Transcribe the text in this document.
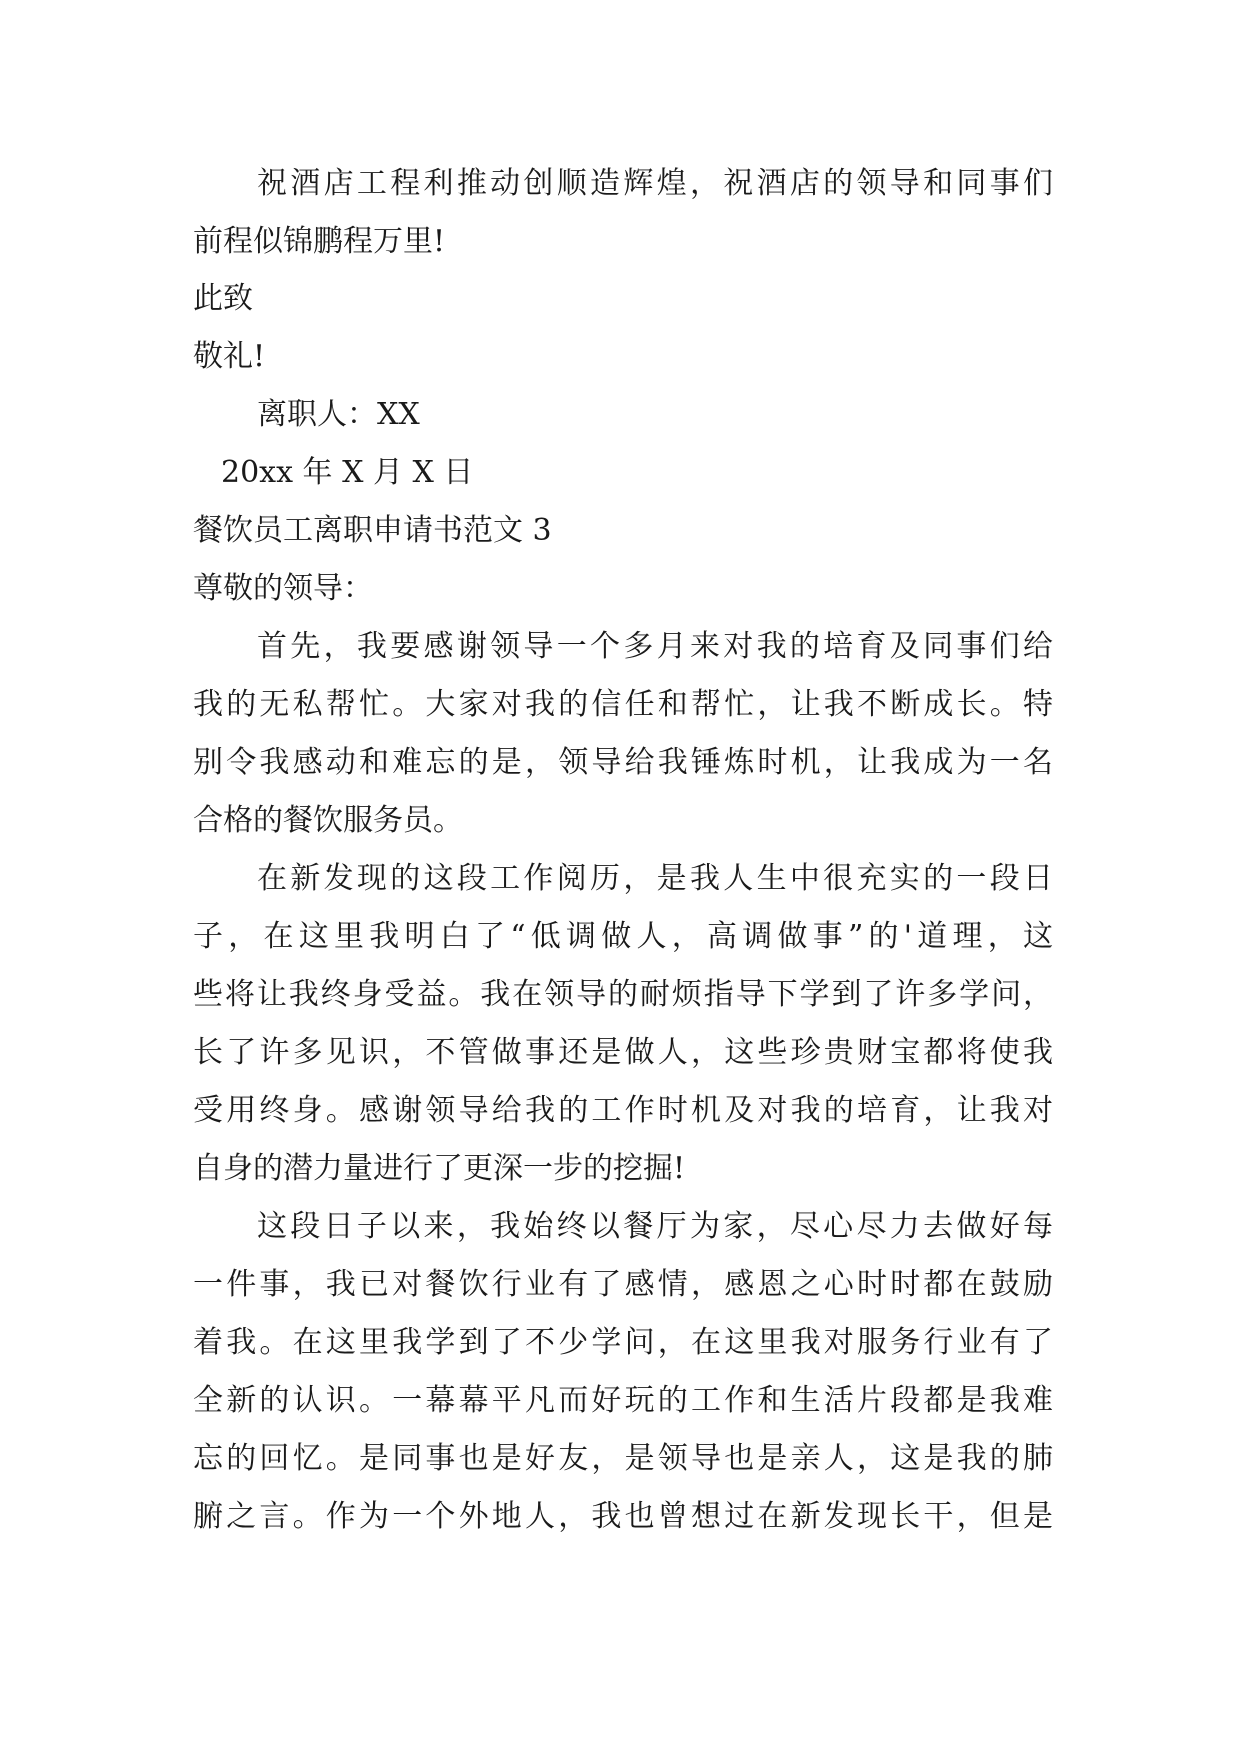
祝酒店工程利推动创顺造辉煌，祝酒店的领导和同事们
前程似锦鹏程万里!
此致
敬礼!
离职人：XX
20xx 年 X 月 X 日
餐饮员工离职申请书范文 3
尊敬的领导：
首先，我要感谢领导一个多月来对我的培育及同事们给
我的无私帮忙。大家对我的信任和帮忙，让我不断成长。特
别令我感动和难忘的是，领导给我锤炼时机，让我成为一名
合格的餐饮服务员。
在新发现的这段工作阅历，是我人生中很充实的一段日
子，在这里我明白了“低调做人，高调做事”的'道理，这
些将让我终身受益。我在领导的耐烦指导下学到了许多学问，
长了许多见识，不管做事还是做人，这些珍贵财宝都将使我
受用终身。感谢领导给我的工作时机及对我的培育，让我对
自身的潜力量进行了更深一步的挖掘!
这段日子以来，我始终以餐厅为家，尽心尽力去做好每
一件事，我已对餐饮行业有了感情，感恩之心时时都在鼓励
着我。在这里我学到了不少学问，在这里我对服务行业有了
全新的认识。一幕幕平凡而好玩的工作和生活片段都是我难
忘的回忆。是同事也是好友，是领导也是亲人，这是我的肺
腑之言。作为一个外地人，我也曾想过在新发现长干，但是
